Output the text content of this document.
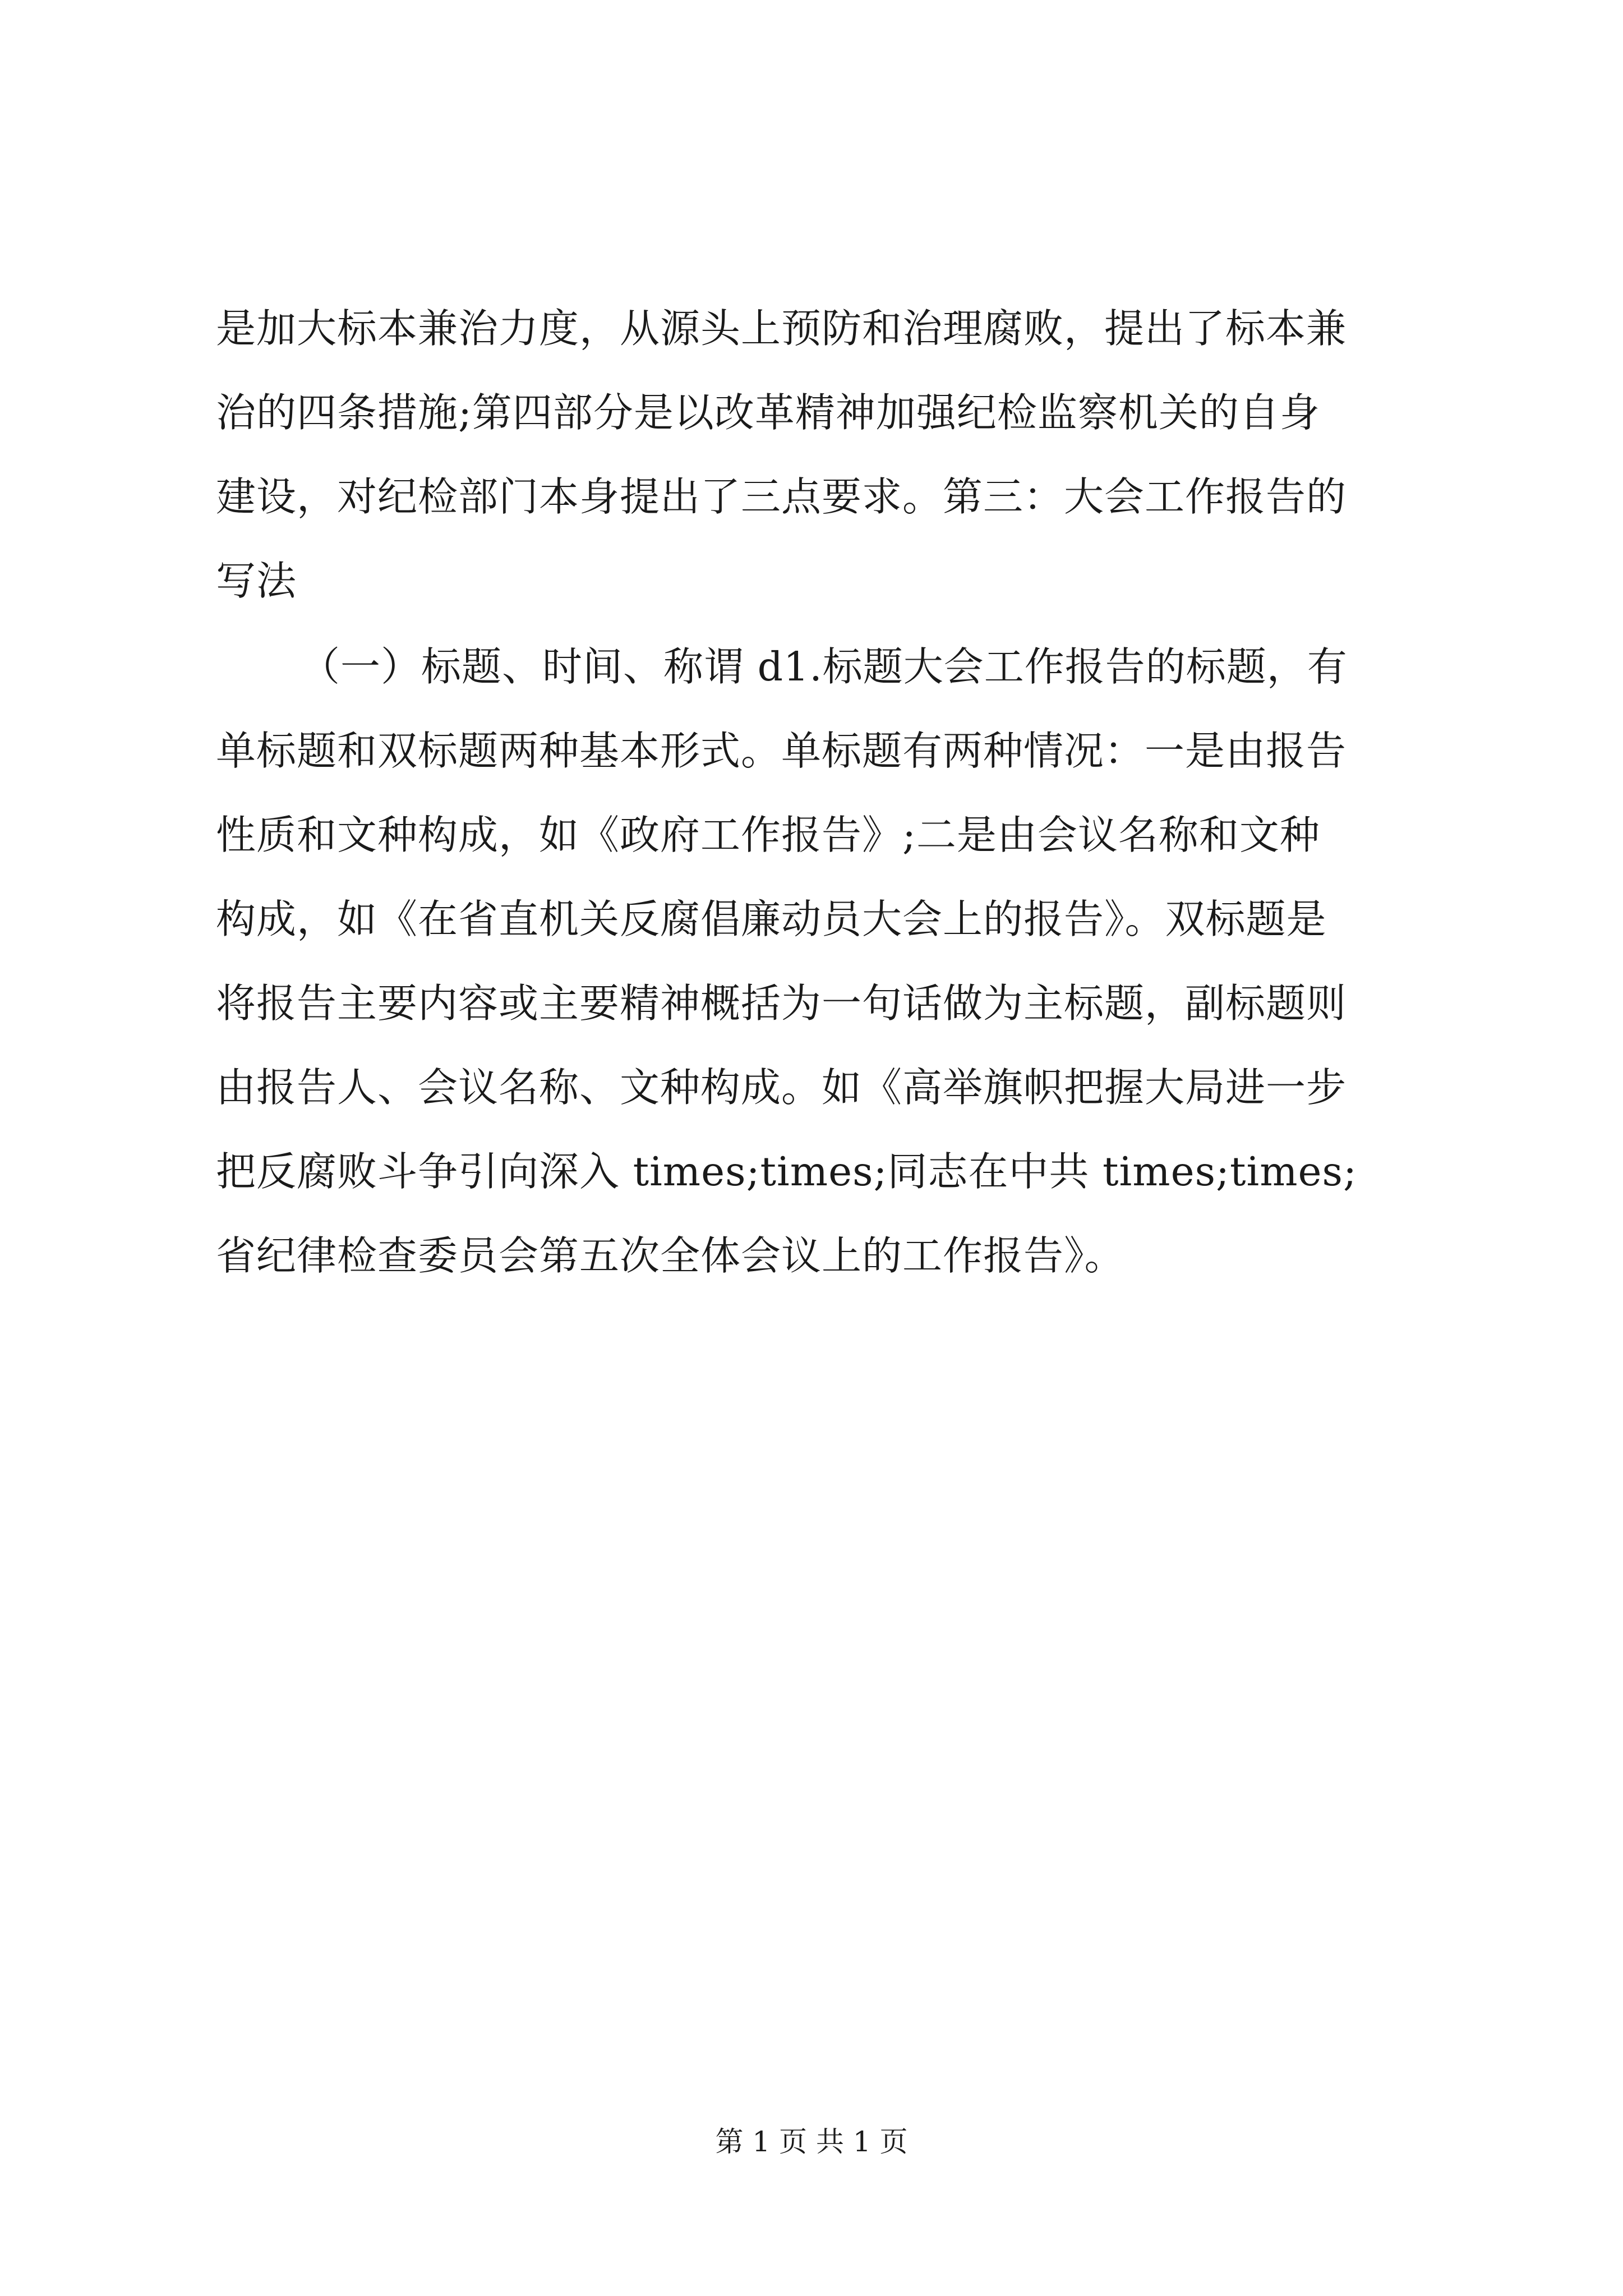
是加大标本兼治力度，从源头上预防和治理腐败，提出了标本兼
治的四条措施;第四部分是以改革精神加强纪检监察机关的自身
建设，对纪检部门本身提出了三点要求。第三：大会工作报告的
写法
（一）标题、时间、称谓 d1.标题大会工作报告的标题，有
单标题和双标题两种基本形式。单标题有两种情况：一是由报告
性质和文种构成，如《政府工作报告》;二是由会议名称和文种
构成，如《在省直机关反腐倡廉动员大会上的报告》。双标题是
将报告主要内容或主要精神概括为一句话做为主标题，副标题则
由报告人、会议名称、文种构成。如《高举旗帜把握大局进一步
把反腐败斗争引向深入 times;times;同志在中共 times;times;
省纪律检查委员会第五次全体会议上的工作报告》。
第 1 页 共 1 页
